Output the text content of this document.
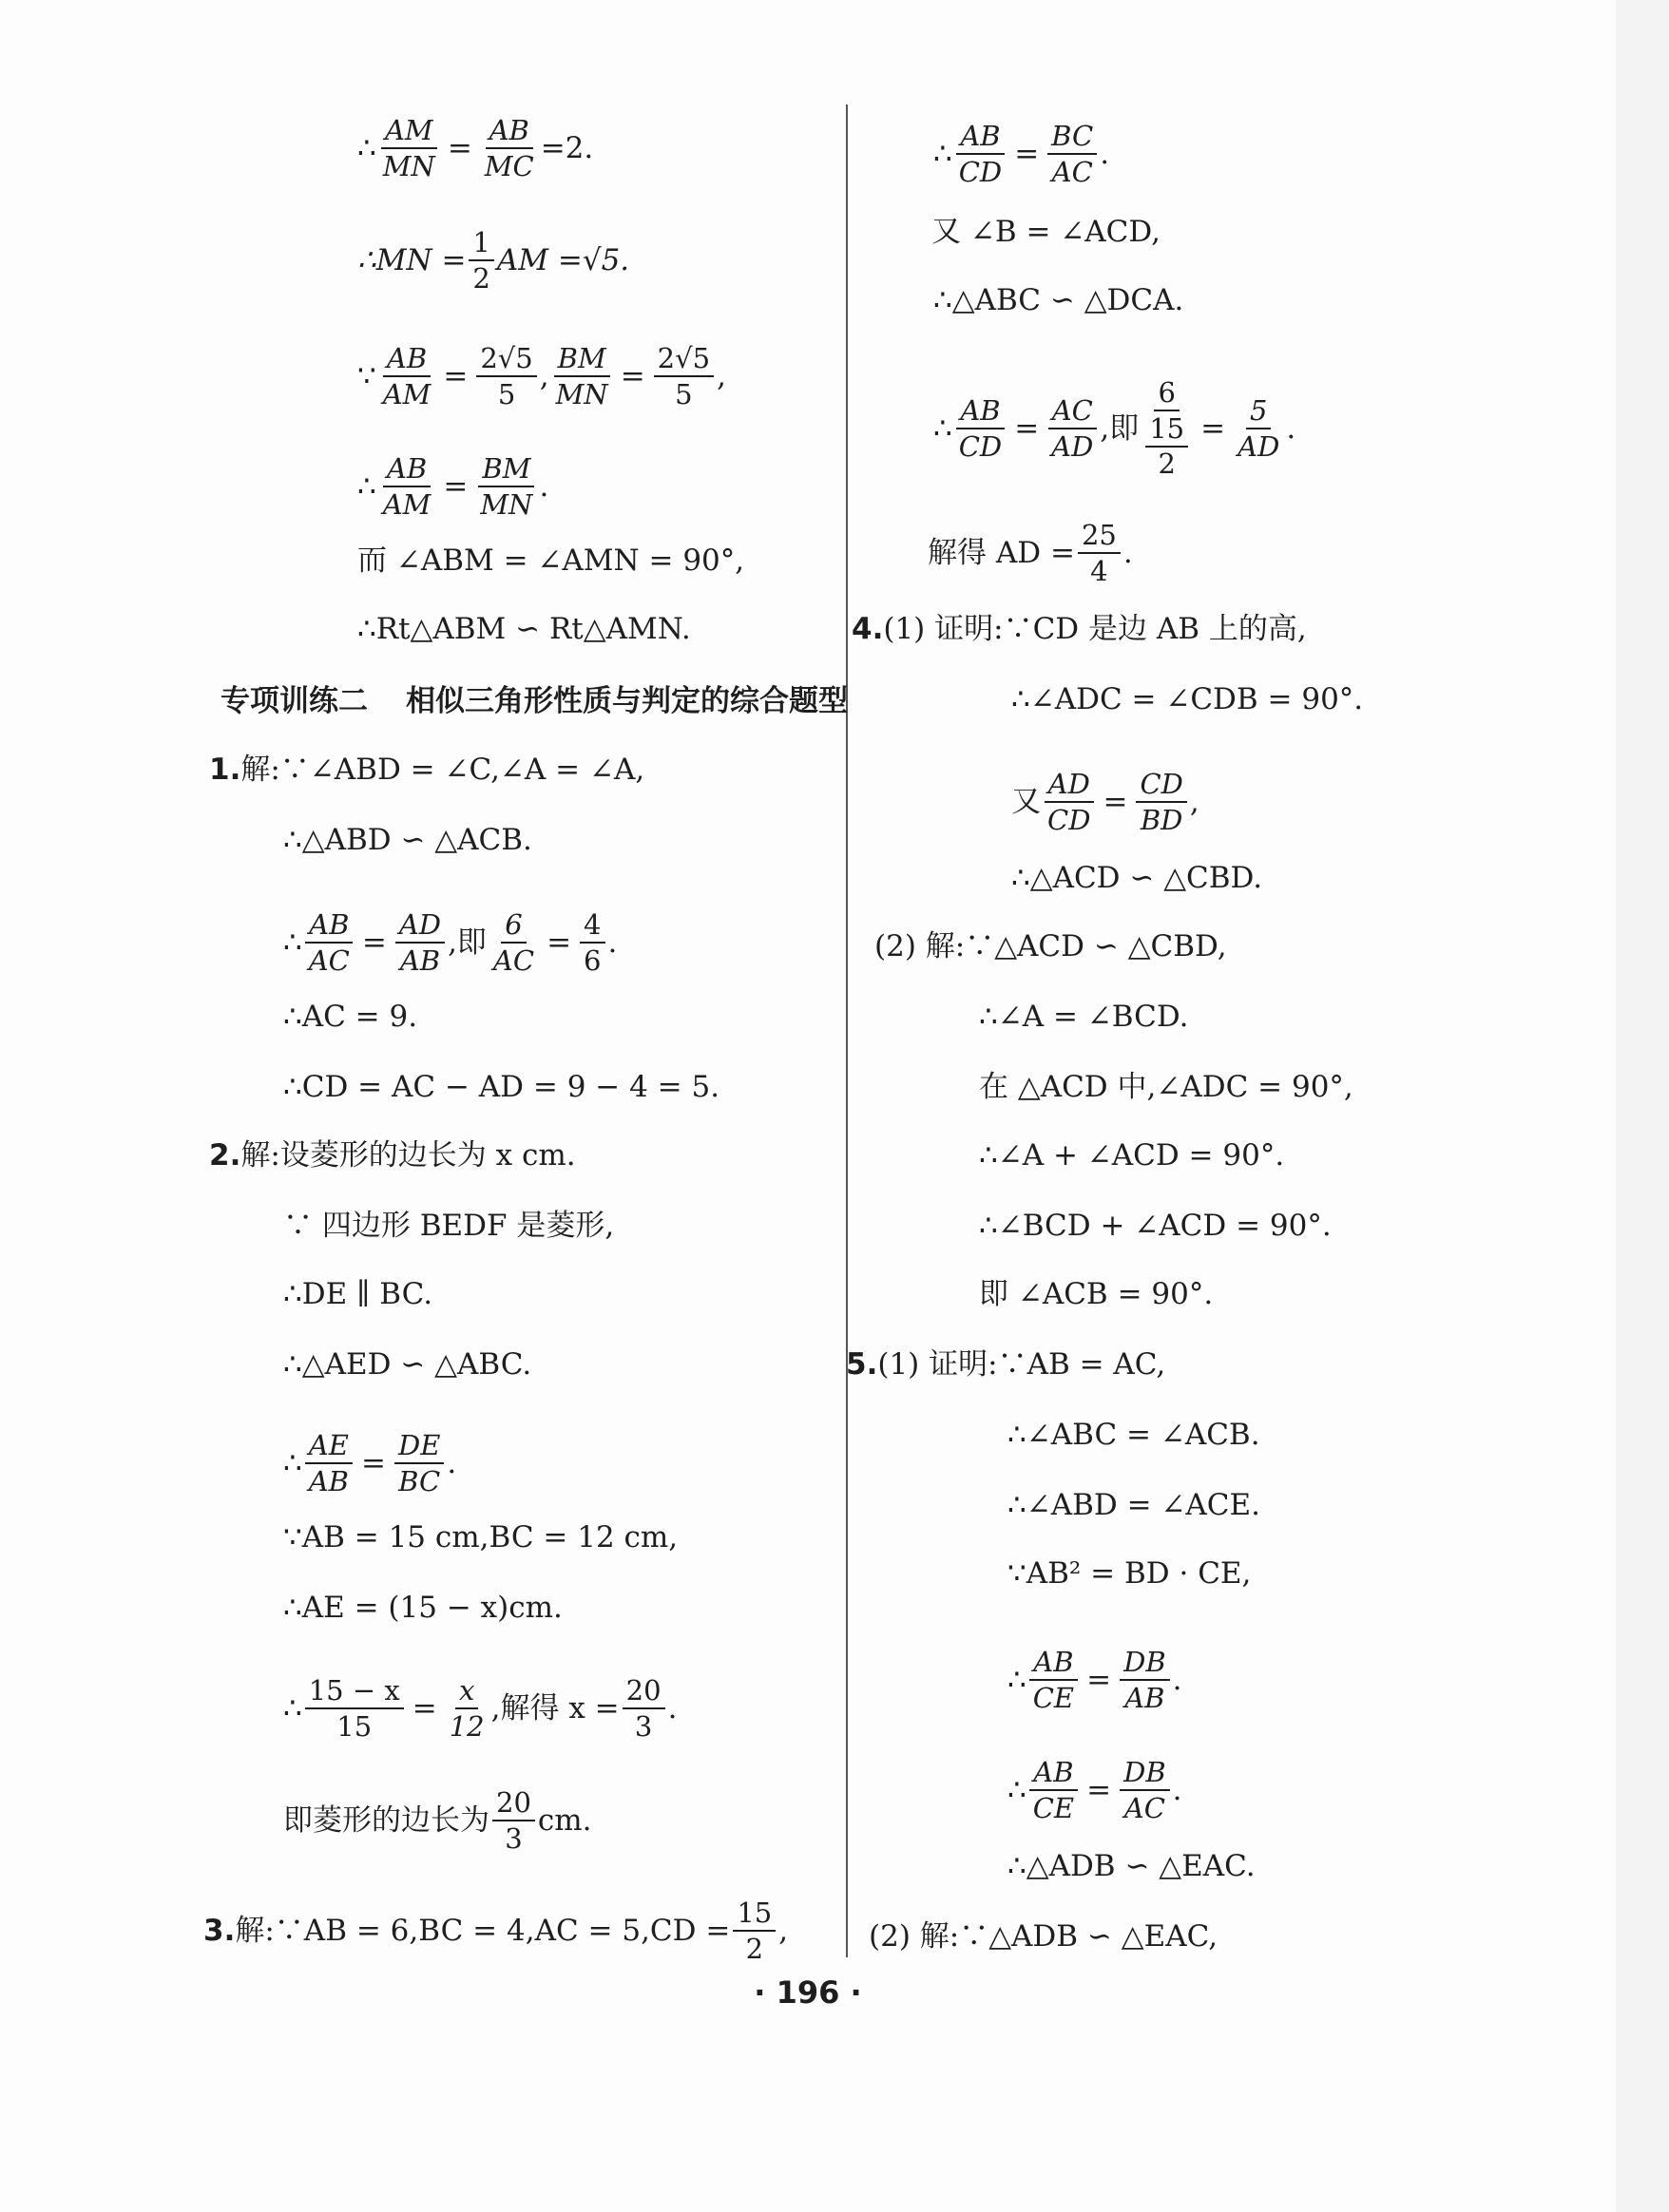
∴ $\frac{AM}{MN} = \frac{AB}{MC} =2$.
∴MN = $\frac{1}{2}$ AM =√5.
∵ $\frac{AB}{AM} = \frac{2√5}{5}$ , $\frac{BM}{MN} = \frac{2√5}{5}$ ,
∴ $\frac{AB}{AM} = \frac{BM}{MN}$ .
而 ∠ABM = ∠AMN = 90°,
∴Rt△ABM ∽ Rt△AMN.
专项训练二 相似三角形性质与判定的综合题型
1. 解:∵∠ABD = ∠C,∠A = ∠A,
∴△ABD ∽ △ACB.
∴ $\frac{AB}{AC} = \frac{AD}{AB}$ ,即 $\frac{6}{AC} = \frac{4}{6}$ .
∴AC = 9.
∴CD = AC − AD = 9 − 4 = 5.
2. 解:设菱形的边长为 x cm.
∵ 四边形 BEDF 是菱形,
∴DE ∥ BC.
∴△AED ∽ △ABC.
∴ $\frac{AE}{AB} = \frac{DE}{BC}$ .
∵AB = 15 cm,BC = 12 cm,
∴AE = (15 − x)cm.
∴ $\frac{15 - x}{15} = \frac{x}{12}$ ,解得 $x = \frac{20}{3}$ .
即菱形的边长为 $\frac{20}{3}$ cm.
3. 解:∵AB = $6,BC = 4,AC = 5,CD = \frac{15}{2}$ ,
∴ $\frac{AB}{CD} = \frac{BC}{AC}$ .
又 ∠B = ∠ACD,
∴△ABC ∽ △DCA.
∴ $\frac{AB}{CD} = \frac{AC}{AD}$ ,即 $\frac{6}{\frac{15}{2}} = \frac{5}{AD}$ .
解得 AD = $\frac{25}{4}$ .
4. (1) 证明:∵CD 是边 AB 上的高,
∴∠ADC = ∠CDB = 90°.
又 $\frac{AD}{CD} = \frac{CD}{BD}$ ,
∴△ACD ∽ △CBD.
(2) 解:∵△ACD ∽ △CBD,
∴∠A = ∠BCD.
在 △ACD 中,∠ADC = 90°,
∴∠A + ∠ACD = 90°.
∴∠BCD + ∠ACD = 90°.
即 ∠ACB = 90°.
5. (1) 证明:∵AB = AC,
∴∠ABC = ∠ACB.
∴∠ABD = ∠ACE.
∵AB² = BD · CE,
∴ $\frac{AB}{CE} = \frac{DB}{AB}$ .
∴ $\frac{AB}{CE} = \frac{DB}{AC}$ .
∴△ADB ∽ △EAC.
(2) 解:∵△ADB ∽ △EAC,
· 196 ·
